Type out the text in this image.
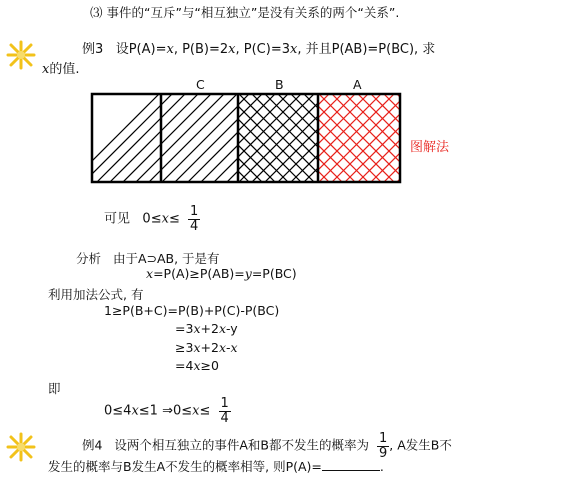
⑶ 事件的“互斥”与“相互独立”是没有关系的两个“关系”.
例3 设P(A)=x, P(B)=2x, P(C)=3x, 并且P(AB)=P(BC), 求
x的值.
C	B	A
图解法
可见 $0\le x\le \frac{1}{4}$
分析 由于A⊃AB, 于是有
x=P(A)≥P(AB)=y=P(BC)
利用加法公式, 有
1≥P(B+C)=P(B)+P(C)-P(BC)
=3x+2x-y
≥3x+2x-x
=4x≥0
即
0≤4x≤1 ⇒0≤x≤ $\frac{1}{4}$
例4 设两个相互独立的事件A和B都不发生的概率为 $\frac{1}{9}$ , A发生B不
发生的概率与B发生A不发生的概率相等, 则P(A)=	.
